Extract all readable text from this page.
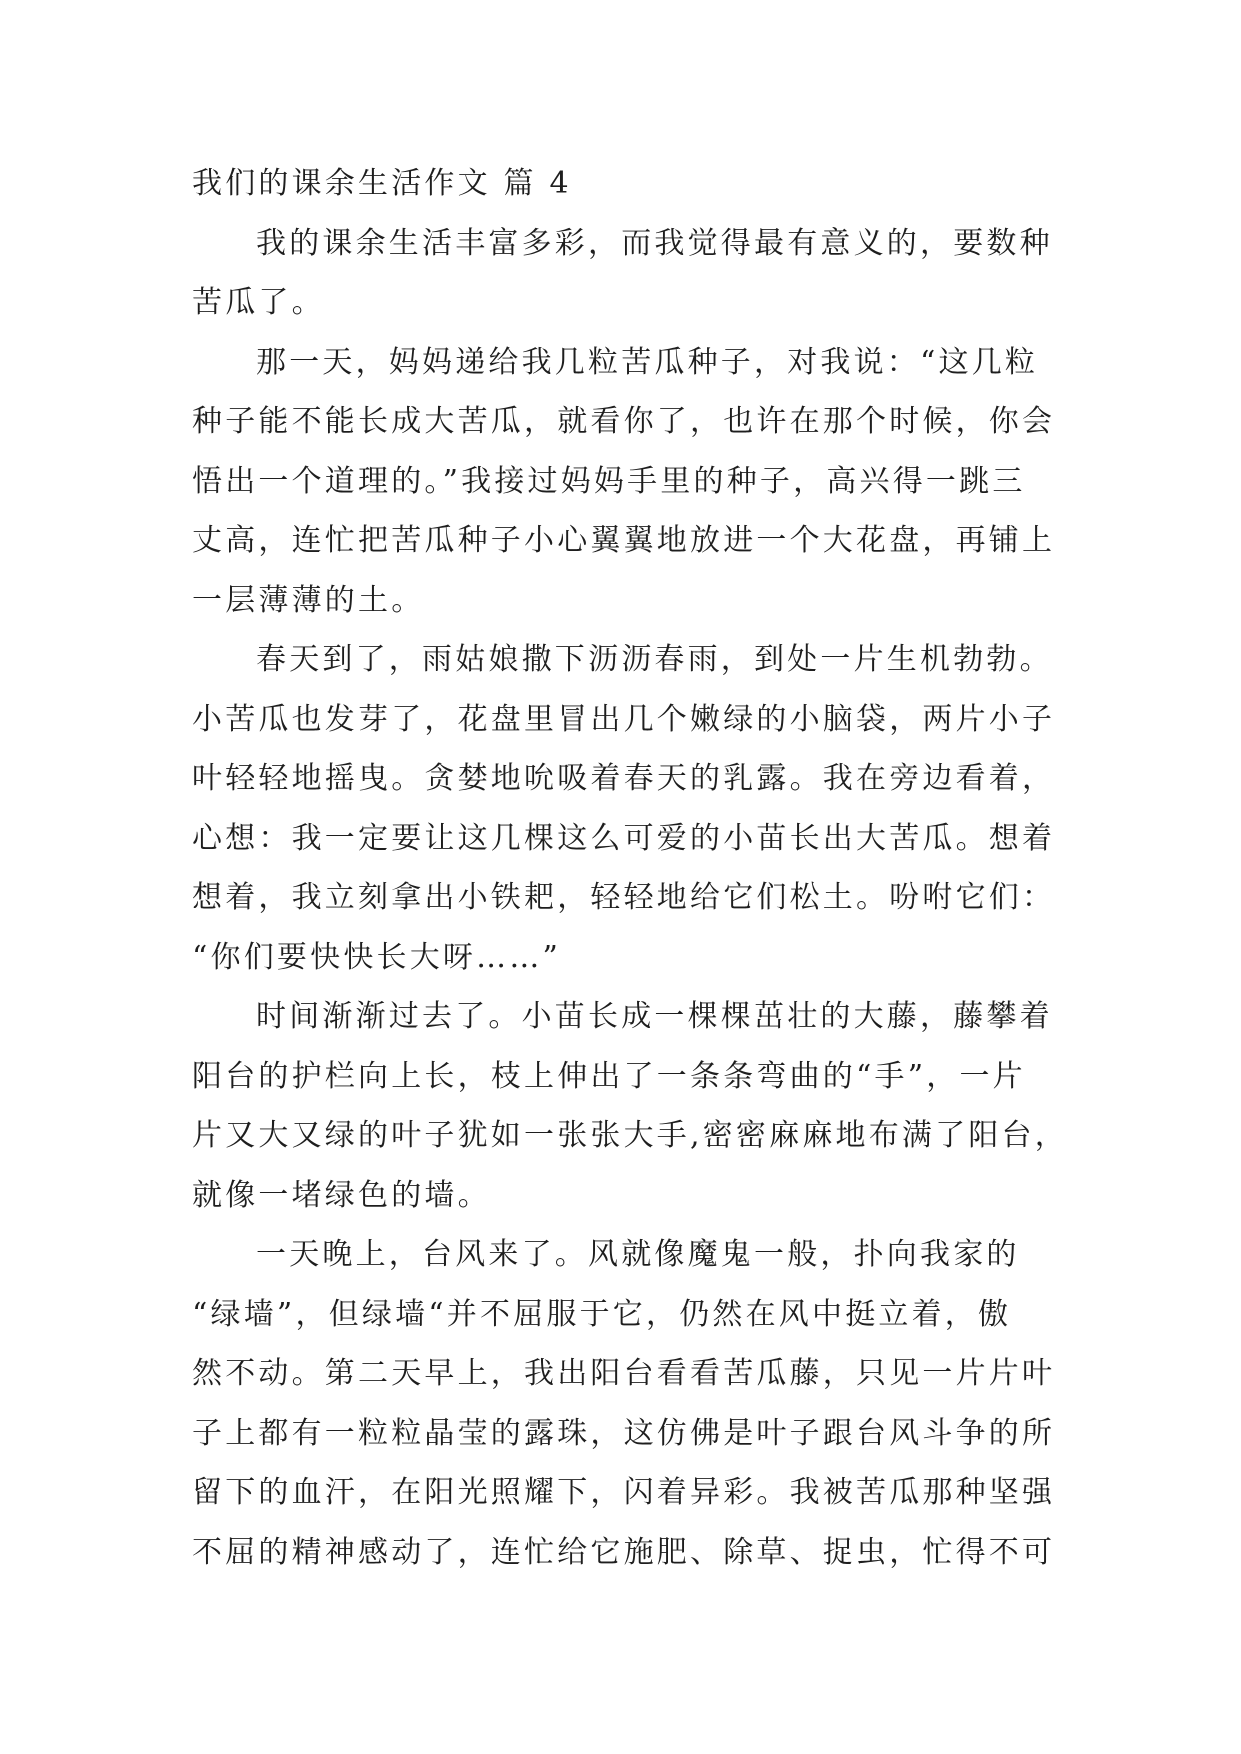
我们的课余生活作文 篇 4
我的课余生活丰富多彩，而我觉得最有意义的，要数种
苦瓜了。
那一天，妈妈递给我几粒苦瓜种子，对我说：“这几粒
种子能不能长成大苦瓜，就看你了，也许在那个时候，你会
悟出一个道理的。”我接过妈妈手里的种子，高兴得一跳三
丈高，连忙把苦瓜种子小心翼翼地放进一个大花盘，再铺上
一层薄薄的土。
春天到了，雨姑娘撒下沥沥春雨，到处一片生机勃勃。
小苦瓜也发芽了，花盘里冒出几个嫩绿的小脑袋，两片小子
叶轻轻地摇曳。贪婪地吮吸着春天的乳露。我在旁边看着，
心想：我一定要让这几棵这么可爱的小苗长出大苦瓜。想着
想着，我立刻拿出小铁耙，轻轻地给它们松土。吩咐它们：
“你们要快快长大呀……”
时间渐渐过去了。小苗长成一棵棵茁壮的大藤，藤攀着
阳台的护栏向上长，枝上伸出了一条条弯曲的“手”，一片
片又大又绿的叶子犹如一张张大手,密密麻麻地布满了阳台，
就像一堵绿色的墙。
一天晚上，台风来了。风就像魔鬼一般，扑向我家的
“绿墙”，但绿墙“并不屈服于它，仍然在风中挺立着，傲
然不动。第二天早上，我出阳台看看苦瓜藤，只见一片片叶
子上都有一粒粒晶莹的露珠，这仿佛是叶子跟台风斗争的所
留下的血汗，在阳光照耀下，闪着异彩。我被苦瓜那种坚强
不屈的精神感动了，连忙给它施肥、除草、捉虫，忙得不可
